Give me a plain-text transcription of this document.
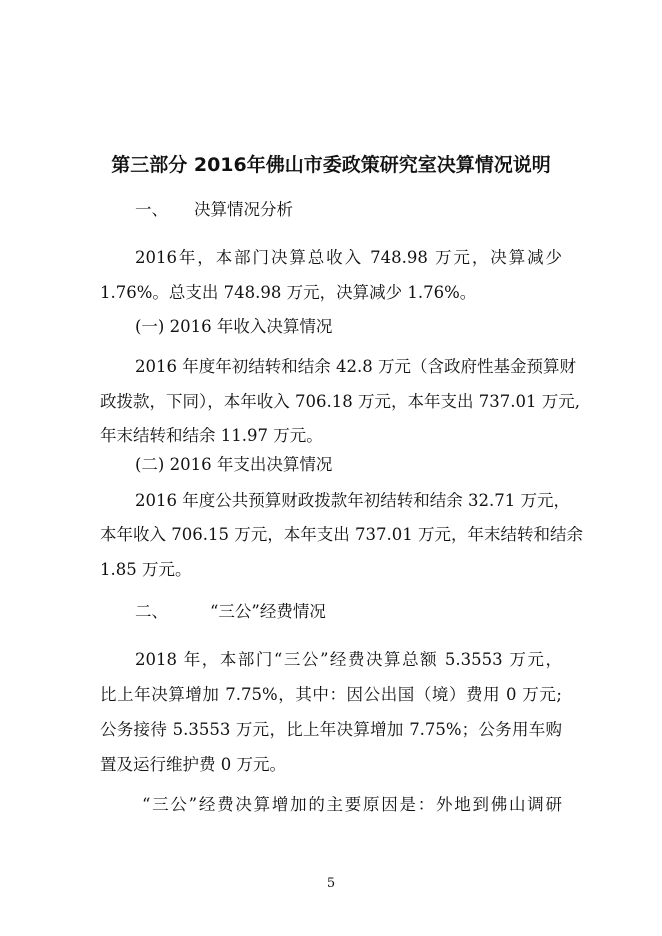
第三部分 2016年佛山市委政策研究室决算情况说明
一、 决算情况分析
2016年，本部门决算总收入 748.98 万元，决算减少
1.76%。总支出 748.98 万元，决算减少 1.76%。
(一) 2016 年收入决算情况
2016 年度年初结转和结余 42.8 万元（含政府性基金预算财
政拨款，下同），本年收入 706.18 万元，本年支出 737.01 万元,
年末结转和结余 11.97 万元。
(二) 2016 年支出决算情况
2016 年度公共预算财政拨款年初结转和结余 32.71 万元，
本年收入 706.15 万元，本年支出 737.01 万元，年末结转和结余
1.85 万元。
二、	“三公”经费情况
2018 年，本部门“三公”经费决算总额 5.3553 万元，
比上年决算增加 7.75%，其中：因公出国（境）费用 0 万元;
公务接待 5.3553 万元，比上年决算增加 7.75%；公务用车购
置及运行维护费 0 万元。
“三公”经费决算增加的主要原因是：外地到佛山调研
5
